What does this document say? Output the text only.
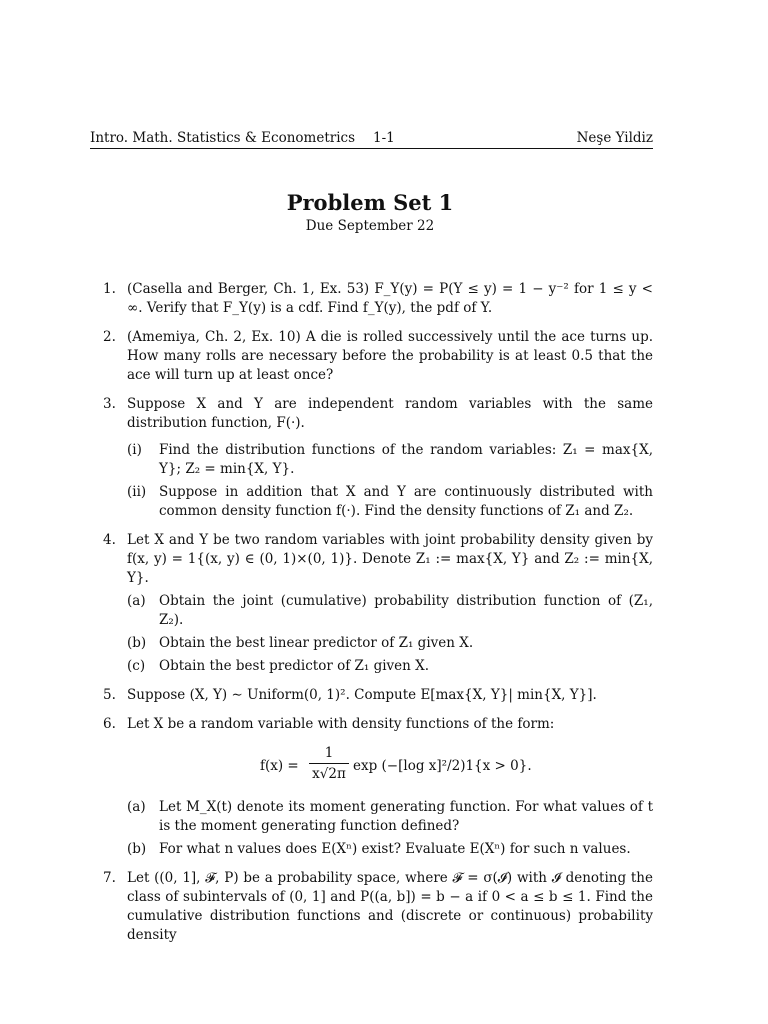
Intro. Math. Statistics & Econometrics 1-1	Neşe Yildiz
Problem Set 1
Due September 22
1. (Casella and Berger, Ch. 1, Ex. 53) F_Y(y) = P(Y ≤ y) = 1 − y⁻² for 1 ≤ y < ∞. Verify that F_Y(y) is a cdf. Find f_Y(y), the pdf of Y.
2. (Amemiya, Ch. 2, Ex. 10) A die is rolled successively until the ace turns up. How many rolls are necessary before the probability is at least 0.5 that the ace will turn up at least once?
3. Suppose X and Y are independent random variables with the same distribution function, F(·).
(i) Find the distribution functions of the random variables: Z₁ = max{X, Y}; Z₂ = min{X, Y}.
(ii) Suppose in addition that X and Y are continuously distributed with common density function f(·). Find the density functions of Z₁ and Z₂.
4. Let X and Y be two random variables with joint probability density given by f(x, y) = 1{(x, y) ∈ (0, 1)×(0, 1)}. Denote Z₁ := max{X, Y} and Z₂ := min{X, Y}.
(a) Obtain the joint (cumulative) probability distribution function of (Z₁, Z₂).
(b) Obtain the best linear predictor of Z₁ given X.
(c) Obtain the best predictor of Z₁ given X.
5. Suppose (X, Y) ∼ Uniform(0, 1)². Compute E[max{X, Y}| min{X, Y}].
6. Let X be a random variable with density functions of the form:
f(x) =
1
x√2π exp (−[log x]²/2)1{x > 0}.
(a) Let M_X(t) denote its moment generating function. For what values of t is the moment generating function defined?
(b) For what n values does E(Xⁿ) exist? Evaluate E(Xⁿ) for such n values.
7. Let ((0, 1], 𝓕, P) be a probability space, where 𝓕 = σ(𝓘) with 𝓘 denoting the class of subintervals of (0, 1] and P((a, b]) = b − a if 0 < a ≤ b ≤ 1. Find the cumulative distribution functions and (discrete or continuous) probability density
